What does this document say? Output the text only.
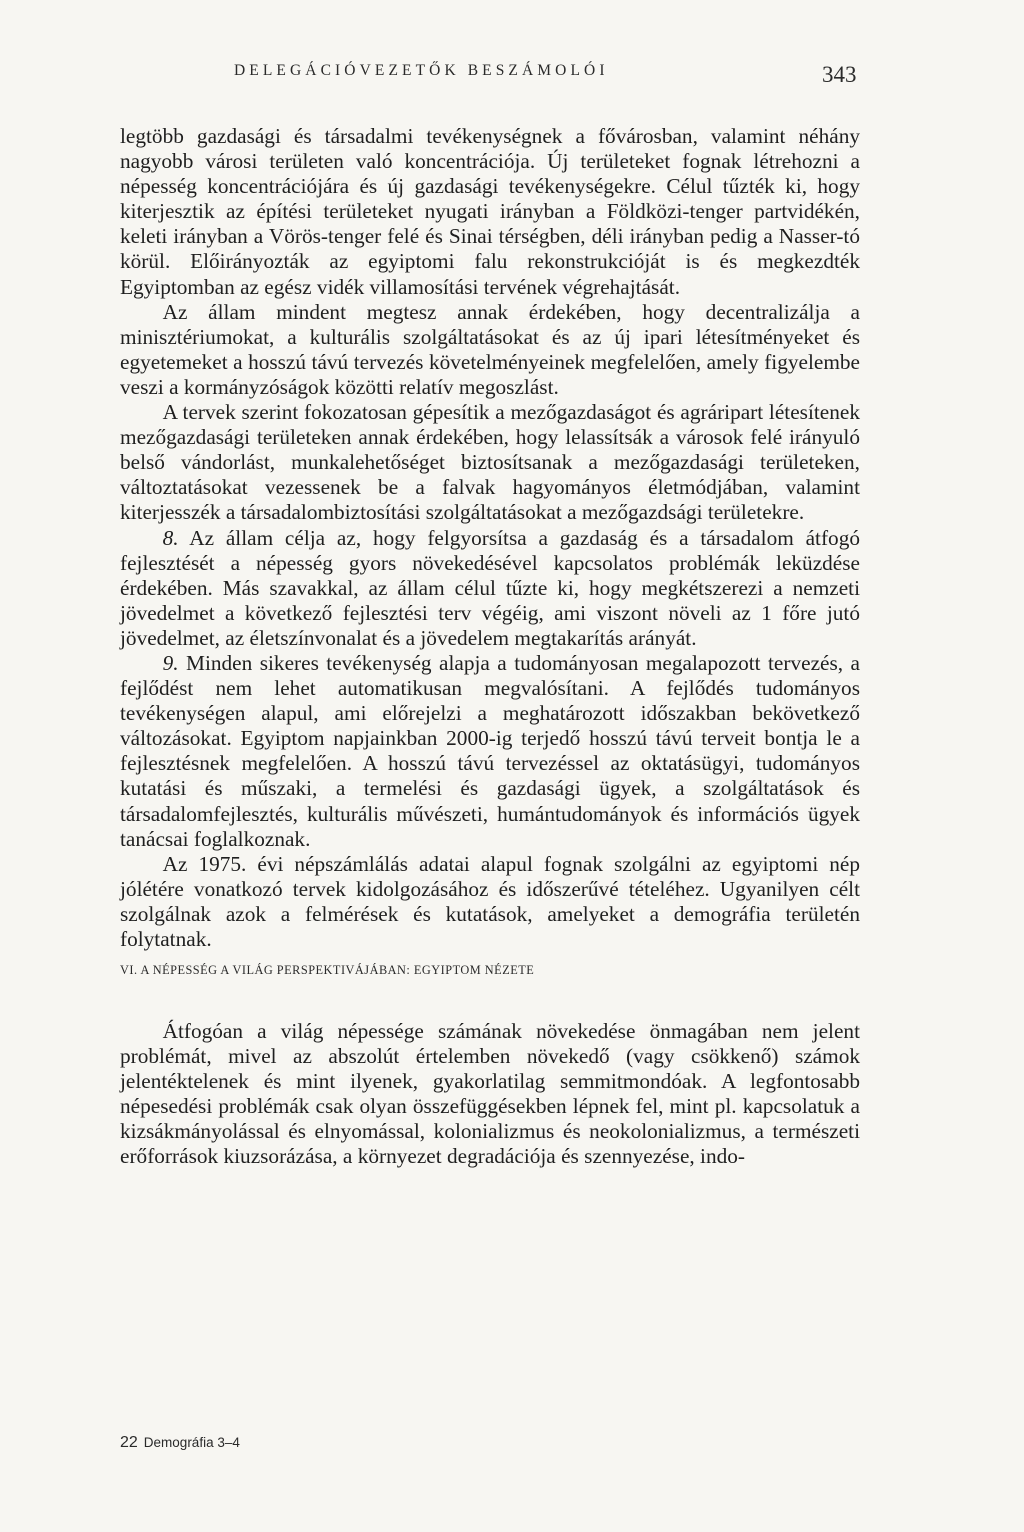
DELEGÁCIÓVEZETŐK BESZÁMOLÓI	343

legtöbb gazdasági és társadalmi tevékenységnek a fővárosban, valamint néhány nagyobb városi területen való koncentrációja. Új területeket fognak létrehozni a népesség koncentrációjára és új gazdasági tevékenységekre. Célul tűzték ki, hogy kiterjesztik az építési területeket nyugati irányban a Földközi-tenger partvidékén, keleti irányban a Vörös-tenger felé és Sinai térségben, déli irányban pedig a Nasser-tó körül. Előirányozták az egyiptomi falu rekonstrukcióját is és megkezdték Egyiptomban az egész vidék villamosítási tervének végrehajtását.

Az állam mindent megtesz annak érdekében, hogy decentralizálja a minisztériumokat, a kulturális szolgáltatásokat és az új ipari létesítményeket és egyetemeket a hosszú távú tervezés követelményeinek megfelelően, amely figyelembe veszi a kormányzóságok közötti relatív megoszlást.

A tervek szerint fokozatosan gépesítik a mezőgazdaságot és agráripart létesítenek mezőgazdasági területeken annak érdekében, hogy lelassítsák a városok felé irányuló belső vándorlást, munkalehetőséget biztosítsanak a mezőgazdasági területeken, változtatásokat vezessenek be a falvak hagyományos életmódjában, valamint kiterjesszék a társadalombiztosítási szolgáltatásokat a mezőgazdsági területekre.

8. Az állam célja az, hogy felgyorsítsa a gazdaság és a társadalom átfogó fejlesztését a népesség gyors növekedésével kapcsolatos problémák leküzdése érdekében. Más szavakkal, az állam célul tűzte ki, hogy megkétszerezi a nemzeti jövedelmet a következő fejlesztési terv végéig, ami viszont növeli az 1 főre jutó jövedelmet, az életszínvonalat és a jövedelem megtakarítás arányát.

9. Minden sikeres tevékenység alapja a tudományosan megalapozott tervezés, a fejlődést nem lehet automatikusan megvalósítani. A fejlődés tudományos tevékenységen alapul, ami előrejelzi a meghatározott időszakban bekövetkező változásokat. Egyiptom napjainkban 2000-ig terjedő hosszú távú terveit bontja le a fejlesztésnek megfelelően. A hosszú távú tervezéssel az oktatásügyi, tudományos kutatási és műszaki, a termelési és gazdasági ügyek, a szolgáltatások és társadalomfejlesztés, kulturális művészeti, humántudományok és információs ügyek tanácsai foglalkoznak.

Az 1975. évi népszámlálás adatai alapul fognak szolgálni az egyiptomi nép jólétére vonatkozó tervek kidolgozásához és időszerűvé tételéhez. Ugyanilyen célt szolgálnak azok a felmérések és kutatások, amelyeket a demográfia területén folytatnak.

VI. A NÉPESSÉG A VILÁG PERSPEKTIVÁJÁBAN: EGYIPTOM NÉZETE
Átfogóan a világ népessége számának növekedése önmagában nem jelent problémát, mivel az abszolút értelemben növekedő (vagy csökkenő) számok jelentéktelenek és mint ilyenek, gyakorlatilag semmitmondóak. A legfontosabb népesedési problémák csak olyan összefüggésekben lépnek fel, mint pl. kapcsolatuk a kizsákmányolással és elnyomással, kolonializmus és neokolonializmus, a természeti erőforrások kiuzsorázása, a környezet degradációja és szennyezése, indo-
22 Demográfia 3–4
